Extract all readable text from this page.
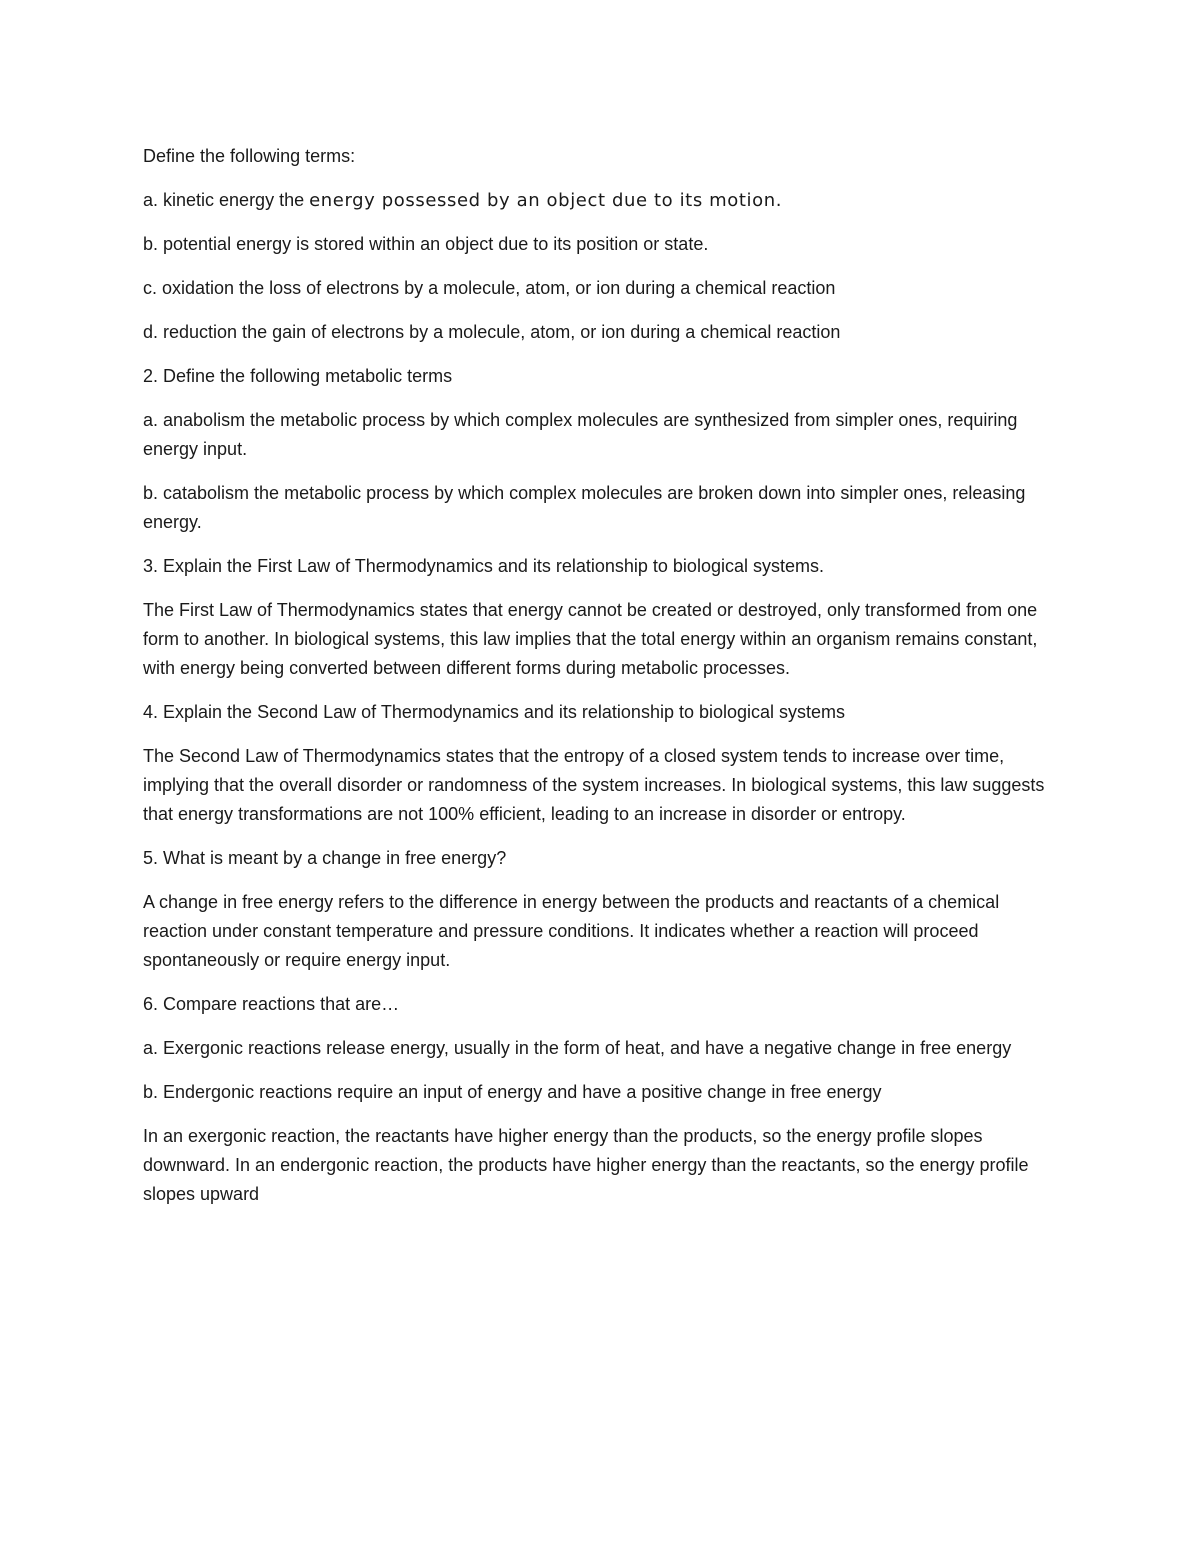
Define the following terms:

a. kinetic energy the energy possessed by an object due to its motion.

b. potential energy is stored within an object due to its position or state.

c. oxidation the loss of electrons by a molecule, atom, or ion during a chemical reaction

d. reduction the gain of electrons by a molecule, atom, or ion during a chemical reaction

2. Define the following metabolic terms

a. anabolism the metabolic process by which complex molecules are synthesized from simpler ones, requiring energy input.

b. catabolism the metabolic process by which complex molecules are broken down into simpler ones, releasing energy.

3. Explain the First Law of Thermodynamics and its relationship to biological systems.

The First Law of Thermodynamics states that energy cannot be created or destroyed, only transformed from one form to another. In biological systems, this law implies that the total energy within an organism remains constant, with energy being converted between different forms during metabolic processes.

4. Explain the Second Law of Thermodynamics and its relationship to biological systems

The Second Law of Thermodynamics states that the entropy of a closed system tends to increase over time, implying that the overall disorder or randomness of the system increases. In biological systems, this law suggests that energy transformations are not 100% efficient, leading to an increase in disorder or entropy.

5. What is meant by a change in free energy?

A change in free energy refers to the difference in energy between the products and reactants of a chemical reaction under constant temperature and pressure conditions. It indicates whether a reaction will proceed spontaneously or require energy input.

6. Compare reactions that are…

a. Exergonic reactions release energy, usually in the form of heat, and have a negative change in free energy

b. Endergonic reactions require an input of energy and have a positive change in free energy

In an exergonic reaction, the reactants have higher energy than the products, so the energy profile slopes downward. In an endergonic reaction, the products have higher energy than the reactants, so the energy profile slopes upward
